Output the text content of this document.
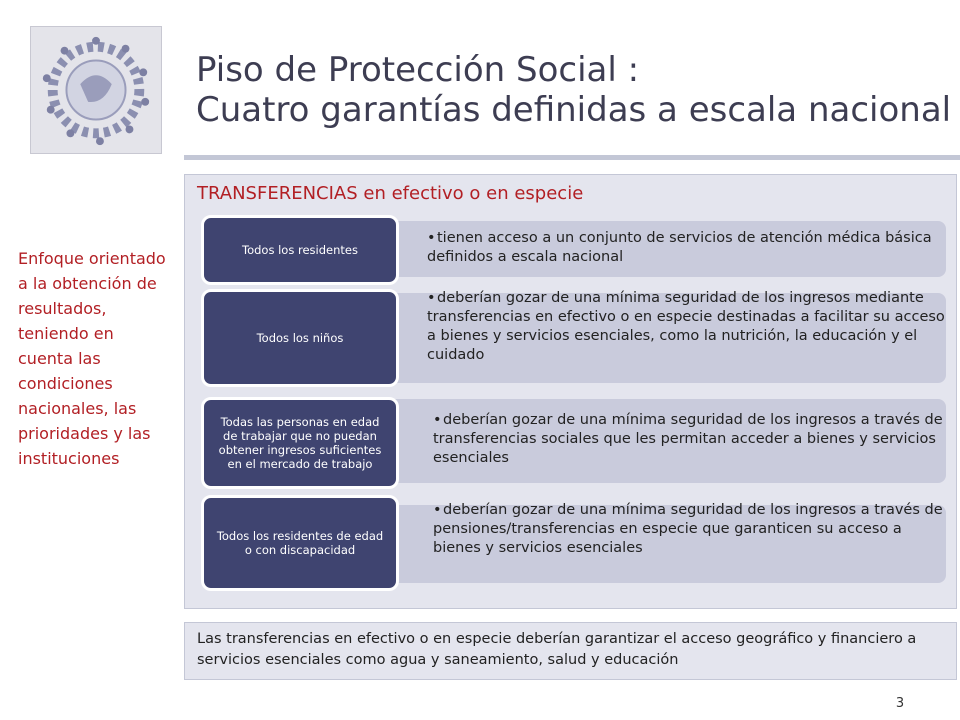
Piso de Protección Social :
Cuatro garantías definidas a escala nacional

Enfoque orientado a la obtención de resultados, teniendo en cuenta las condiciones nacionales, las prioridades y las instituciones

TRANSFERENCIAS en efectivo o en especie

•tienen acceso a un conjunto de servicios de atención médica básica definidos a escala nacional

Todos los residentes

•deberían gozar de una mínima seguridad de los ingresos mediante transferencias en efectivo o en especie destinadas a facilitar su acceso a bienes y servicios esenciales, como la nutrición, la educación y el cuidado

Todos los niños

•deberían gozar de una mínima seguridad de los ingresos a través de transferencias sociales que les permitan acceder a bienes y servicios esenciales

Todas las personas en edad de trabajar que no puedan obtener ingresos suficientes en el mercado de trabajo

•deberían gozar de una mínima seguridad de los ingresos a través de pensiones/transferencias en especie que garanticen su acceso a bienes y servicios esenciales

Todos los residentes de edad o con discapacidad
Las transferencias en efectivo o en especie deberían garantizar el acceso geográfico y financiero a servicios esenciales como agua y saneamiento, salud y educación
3
